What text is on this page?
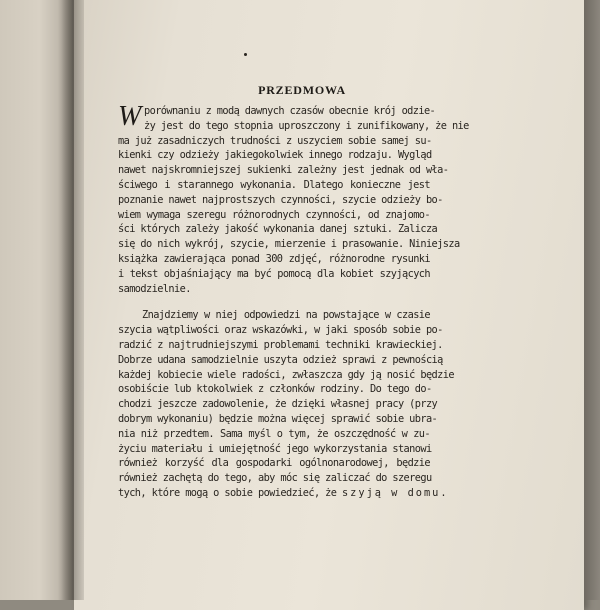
PRZEDMOWA
W porównaniu z modą dawnych czasów obecnie krój odzie-
ży jest do tego stopnia uproszczony i zunifikowany, że nie
ma już zasadniczych trudności z uszyciem sobie samej su-
kienki czy odzieży jakiegokolwiek innego rodzaju. Wygląd
nawet najskromniejszej sukienki zależny jest jednak od wła-
ściwego i starannego wykonania. Dlatego konieczne jest
poznanie nawet najprostszych czynności, szycie odzieży bo-
wiem wymaga szeregu różnorodnych czynności, od znajomo-
ści których zależy jakość wykonania danej sztuki. Zalicza
się do nich wykrój, szycie, mierzenie i prasowanie. Niniejsza
książka zawierająca ponad 300 zdjęć, różnorodne rysunki
i tekst objaśniający ma być pomocą dla kobiet szyjących
samodzielnie.
Znajdziemy w niej odpowiedzi na powstające w czasie
szycia wątpliwości oraz wskazówki, w jaki sposób sobie po-
radzić z najtrudniejszymi problemami techniki krawieckiej.
Dobrze udana samodzielnie uszyta odzież sprawi z pewnością
każdej kobiecie wiele radości, zwłaszcza gdy ją nosić będzie
osobiście lub ktokolwiek z członków rodziny. Do tego do-
chodzi jeszcze zadowolenie, że dzięki własnej pracy (przy
dobrym wykonaniu) będzie można więcej sprawić sobie ubra-
nia niż przedtem. Sama myśl o tym, że oszczędność w zu-
życiu materiału i umiejętność jego wykorzystania stanowi
również korzyść dla gospodarki ogólnonarodowej, będzie
również zachętą do tego, aby móc się zaliczać do szeregu
tych, które mogą o sobie powiedzieć, że szyją w domu.
